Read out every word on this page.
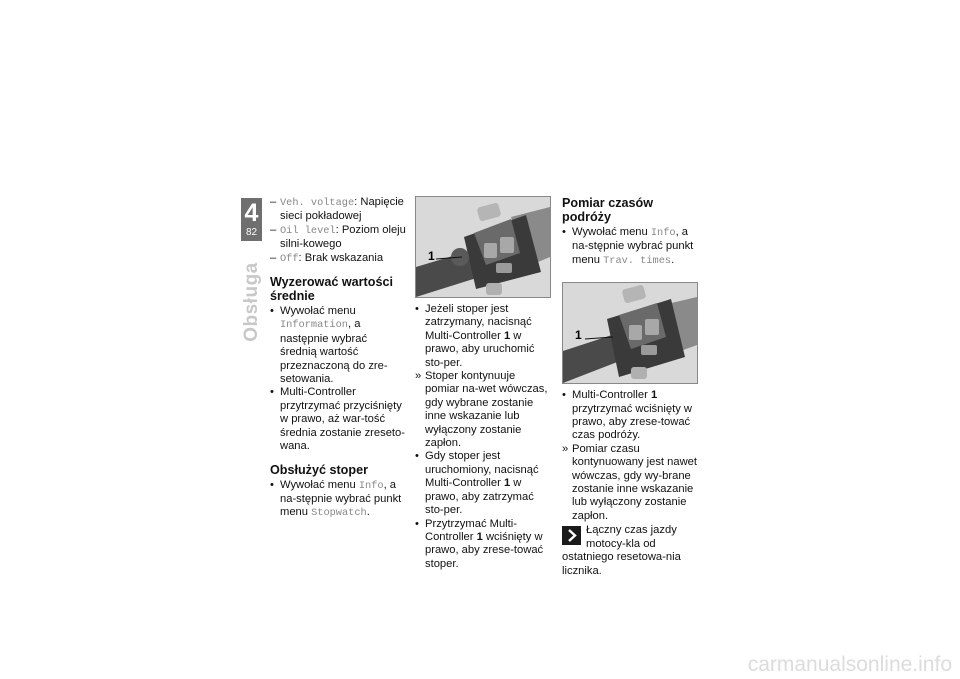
4
82
Obsługa

– Veh. voltage: Napięcie sieci pokładowej

– Oil level: Poziom oleju silni-kowego

– Off: Brak wskazania

Wyzerować wartości średnie

• Wywołać menu Information, a następnie wybrać średnią wartość przeznaczoną do zre-setowania.

• Multi-Controller przytrzymać przyciśnięty w prawo, aż war-tość średnia zostanie zreseto-wana.

Obsłużyć stoper

• Wywołać menu Info, a na-stępnie wybrać punkt menu Stopwatch.

1

• Jeżeli stoper jest zatrzymany, nacisnąć Multi-Controller 1 w prawo, aby uruchomić sto-per.

» Stoper kontynuuje pomiar na-wet wówczas, gdy wybrane zostanie inne wskazanie lub wyłączony zostanie zapłon.

• Gdy stoper jest uruchomiony, nacisnąć Multi-Controller 1 w prawo, aby zatrzymać sto-per.

• Przytrzymać Multi-Controller 1 wciśnięty w prawo, aby zrese-tować stoper.

Pomiar czasów podróży

• Wywołać menu Info, a na-stępnie wybrać punkt menu Trav. times.

1

• Multi-Controller 1 przytrzymać wciśnięty w prawo, aby zrese-tować czas podróży.

» Pomiar czasu kontynuowany jest nawet wówczas, gdy wy-brane zostanie inne wskazanie lub wyłączony zostanie zapłon.

Łączny czas jazdy motocy-kla od ostatniego resetowa-nia licznika.
carmanualsonline.info
